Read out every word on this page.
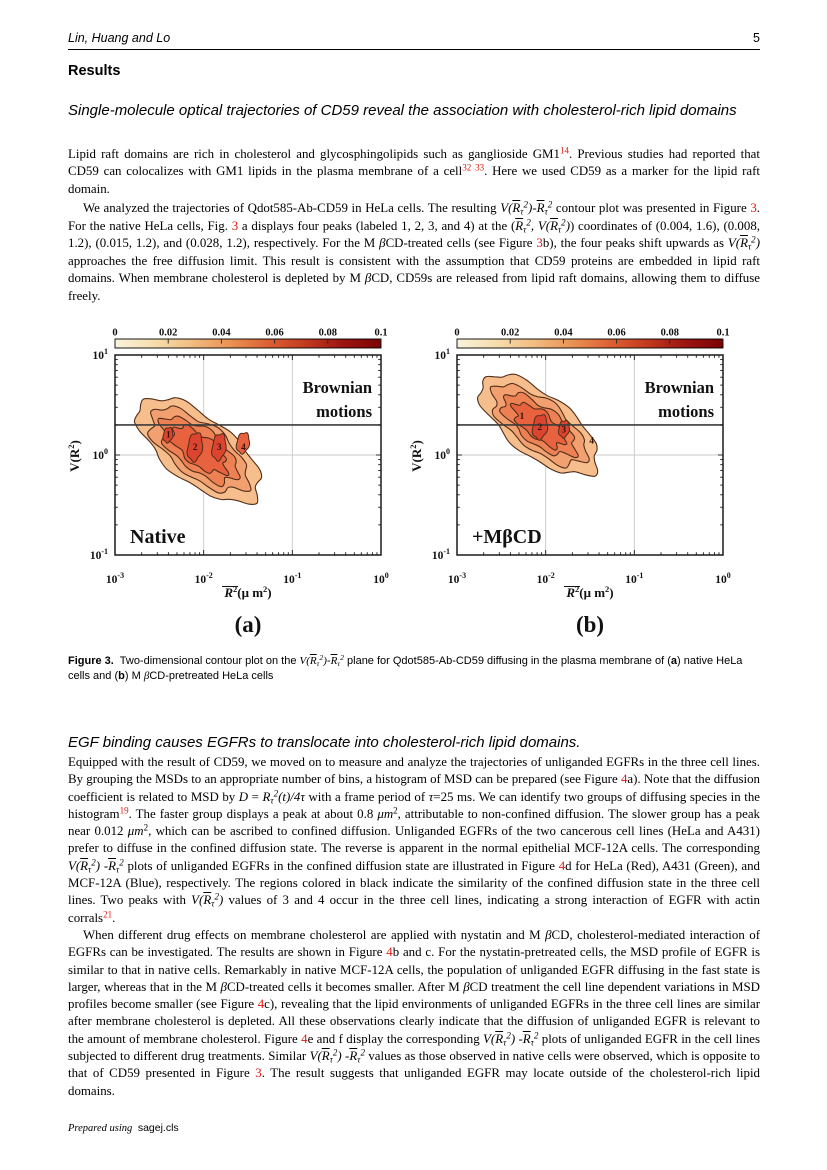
Lin, Huang and Lo	5
Results
Single-molecule optical trajectories of CD59 reveal the association with cholesterol-rich lipid domains
Lipid raft domains are rich in cholesterol and glycosphingolipids such as ganglioside $GM1^{14}$. Previous studies had reported that CD59 can colocalizes with GM1 lipids in the plasma membrane of a cell$^{32 33}$. Here we used CD59 as a marker for the lipid raft domain.
We analyzed the trajectories of Qdot585-Ab-CD59 in HeLa cells. The resulting $V(\overline{R}_\tau^2)-\overline{R}_\tau^2$ contour plot was presented in Figure 3. For the native HeLa cells, Fig. 3 a displays four peaks (labeled 1, 2, 3, and 4) at the ($\overline{R}_\tau^2$, $V(\overline{R}_\tau^2)$) coordinates of (0.004, 1.6), (0.008, 1.2), (0.015, 1.2), and (0.028, 1.2), respectively. For the M βCD-treated cells (see Figure 3b), the four peaks shift upwards as $V(\overline{R}_\tau^2)$ approaches the free diffusion limit. This result is consistent with the assumption that CD59 proteins are embedded in lipid raft domains. When membrane cholesterol is depleted by M βCD, CD59s are released from lipid raft domains, allowing them to diffuse freely.
0	0.02	0.04	0.06	0.08	0.1
1
2 3 4
$10^1$
$10^0$
$10^{-1}$
$10^{-3}$	$10^{-2}$	$10^{-1}$	$10^0$
$R^2(\mu$ $m^2$)
$V(R^2)$
Brownian
motions
Native
(a)
0	0.02	0.04	0.06	0.08	0.1
1
2 3
4
$10^1$
$10^0$
$10^{-1}$
$10^{-3}$	$10^{-2}$	$10^{-1}$	$10^0$
$R^2(\mu$ $m^2$)
$V(R^2)$
Brownian
motions
+MβCD
(b)
Figure 3.  Two-dimensional contour plot on the $V(\overline{R}_\tau^2)-\overline{R}_\tau^2$ plane for Qdot585-Ab-CD59 diffusing in the plasma membrane of (a) native HeLa cells and (b) M βCD-pretreated HeLa cells
EGF binding causes EGFRs to translocate into cholesterol-rich lipid domains.
Equipped with the result of CD59, we moved on to measure and analyze the trajectories of unliganded EGFRs in the three cell lines. By grouping the MSDs to an appropriate number of bins, a histogram of MSD can be prepared (see Figure 4a). Note that the diffusion coefficient is related to MSD by $D = R_\tau^2(t)/4\tau$ with a frame period of τ=25 ms. We can identify two groups of diffusing species in the histogram$^{19}$. The faster group displays a peak at about 0.8 $\mu m^2$, attributable to non-confined diffusion. The slower group has a peak near 0.012 $\mu m^2$, which can be ascribed to confined diffusion. Unliganded EGFRs of the two cancerous cell lines (HeLa and A431) prefer to diffuse in the confined diffusion state. The reverse is apparent in the normal epithelial MCF-12A cells. The corresponding $V(\overline{R}_\tau^2)$ $-\overline{R}_\tau^2$ plots of unliganded EGFRs in the confined diffusion state are illustrated in Figure 4d for HeLa (Red), A431 (Green), and MCF-12A (Blue), respectively. The regions colored in black indicate the similarity of the confined diffusion state in the three cell lines. Two peaks with $V(\overline{R}_\tau^2)$ values of 3 and 4 occur in the three cell lines, indicating a strong interaction of EGFR with actin corrals$^{21}$.
When different drug effects on membrane cholesterol are applied with nystatin and M βCD, cholesterol-mediated interaction of EGFRs can be investigated. The results are shown in Figure 4b and c. For the nystatin-pretreated cells, the MSD profile of EGFR is similar to that in native cells. Remarkably in native MCF-12A cells, the population of unliganded EGFR diffusing in the fast state is larger, whereas that in the M βCD-treated cells it becomes smaller. After M βCD treatment the cell line dependent variations in MSD profiles become smaller (see Figure 4c), revealing that the lipid environments of unliganded EGFRs in the three cell lines are similar after membrane cholesterol is depleted. All these observations clearly indicate that the diffusion of unliganded EGFR is relevant to the amount of membrane cholesterol. Figure 4e and f display the corresponding $V(\overline{R}_\tau^2)$ $-\overline{R}_\tau^2$ plots of unliganded EGFR in the cell lines subjected to different drug treatments. Similar $V(\overline{R}_\tau^2)$ $-\overline{R}_\tau^2$ values as those observed in native cells were observed, which is opposite to that of CD59 presented in Figure 3. The result suggests that unliganded EGFR may locate outside of the cholesterol-rich lipid domains.
Prepared using sagej.cls
